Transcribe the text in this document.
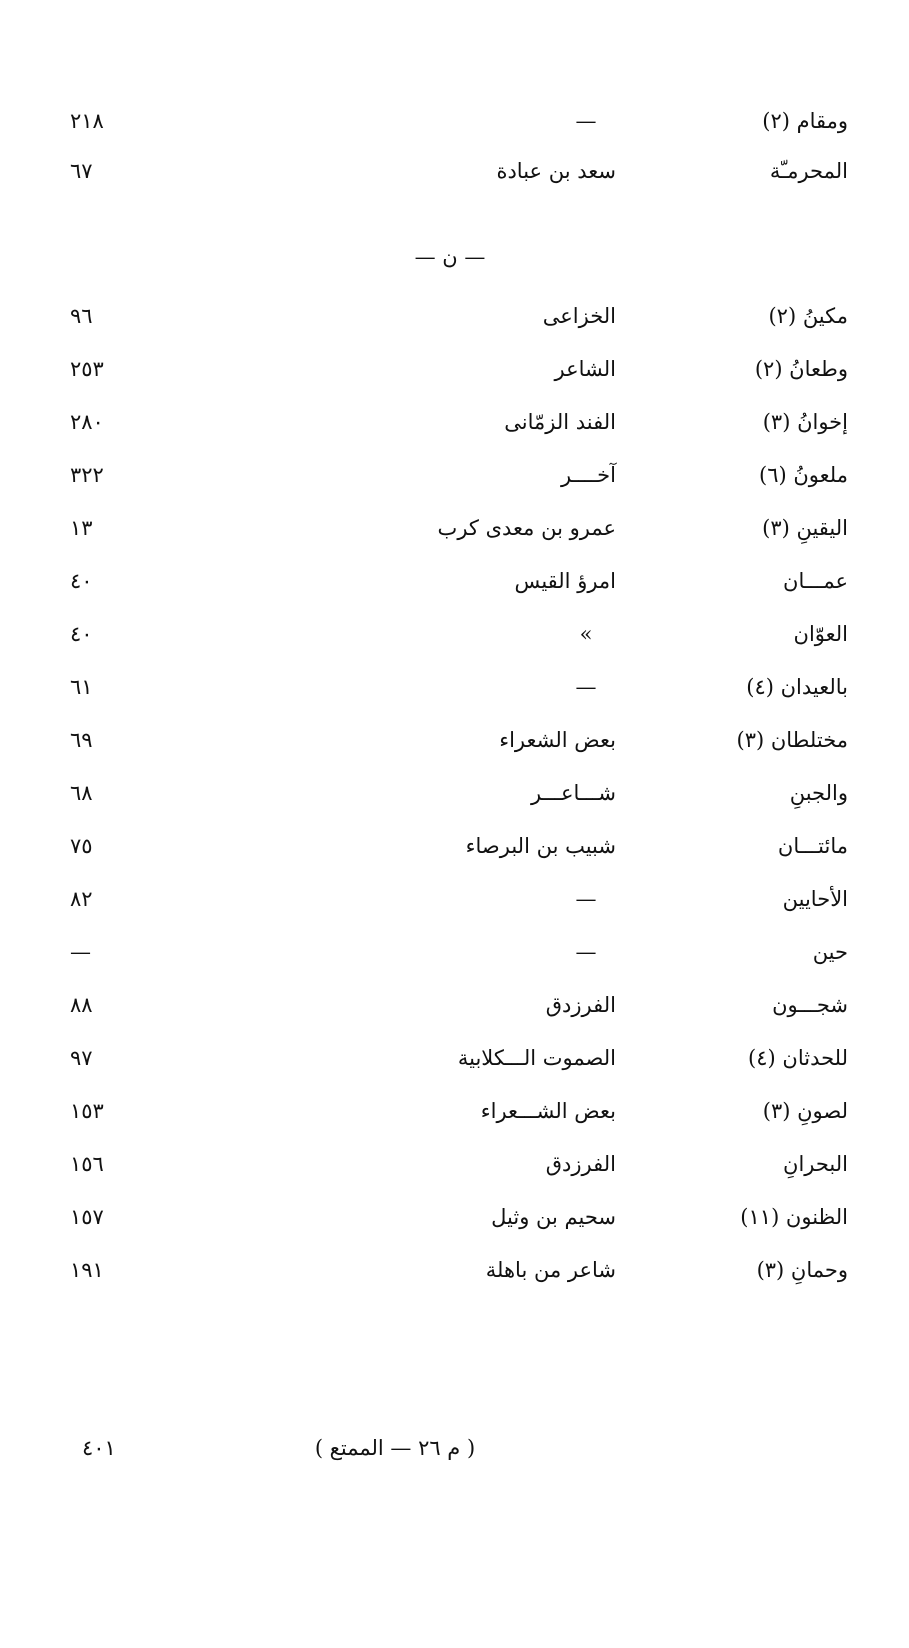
ومقام (٢)
—
٢١٨
المحرمـّة
سعد بن عبادة
٦٧
— ن —
مكينُ (٢)
الخزاعى
٩٦
وطعانُ (٢)
الشاعر
٢٥٣
إخوانُ (٣)
الفند الزمّانى
٢٨٠
ملعونُ (٦)
آخــــر
٣٢٢
اليقينِ (٣)
عمرو بن معدى كرب
١٣
عمـــان
امرؤ القيس
٤٠
العوّان
»
٤٠
بالعيدان (٤)
—
٦١
مختلطان (٣)
بعض الشعراء
٦٩
والجبنِ
شـــاعـــر
٦٨
مائتـــان
شبيب بن البرصاء
٧٥
الأحايين
—
٨٢
حين
—
—
شجـــون
الفرزدق
٨٨
للحدثان (٤)
الصموت الـــكلابية
٩٧
لصونِ (٣)
بعض الشـــعراء
١٥٣
البحرانِ
الفرزدق
١٥٦
الظنون (١١)
سحيم بن وثيل
١٥٧
وحمانِ (٣)
شاعر من باهلة
١٩١
( م ٢٦ — الممتع )
٤٠١
